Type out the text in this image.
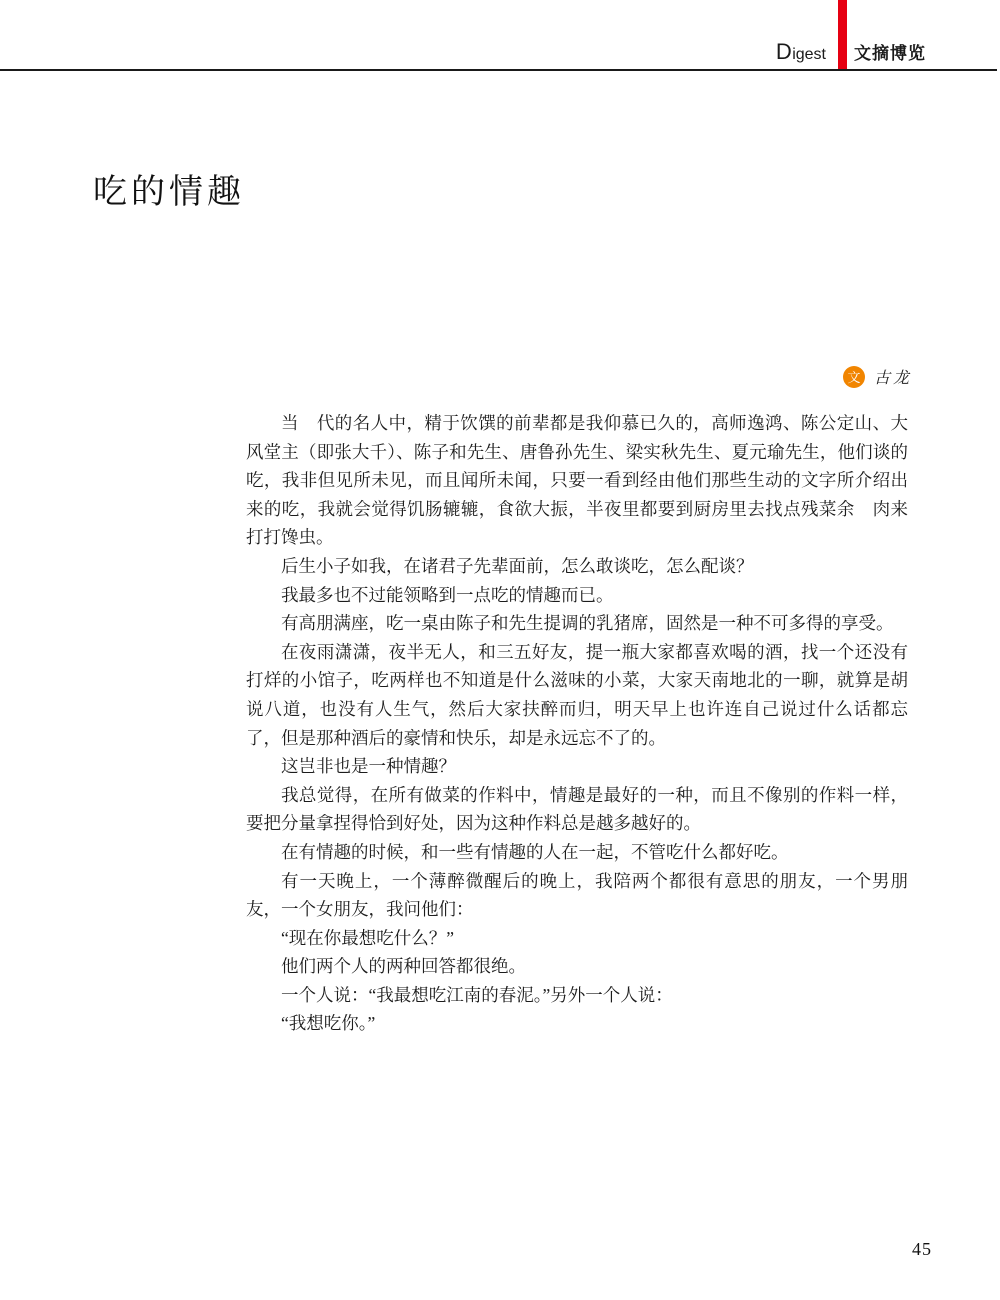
Digest 文摘博览
吃的情趣
文 古龙

当　代的名人中，精于饮馔的前辈都是我仰慕已久的，高师逸鸿、陈公定山、大风堂主（即张大千）、陈子和先生、唐鲁孙先生、梁实秋先生、夏元瑜先生，他们谈的吃，我非但见所未见，而且闻所未闻，只要一看到经由他们那些生动的文字所介绍出来的吃，我就会觉得饥肠辘辘，食欲大振，半夜里都要到厨房里去找点残菜余　肉来打打馋虫。

后生小子如我，在诸君子先辈面前，怎么敢谈吃，怎么配谈？

我最多也不过能领略到一点吃的情趣而已。

有高朋满座，吃一桌由陈子和先生提调的乳猪席，固然是一种不可多得的享受。

在夜雨潇潇，夜半无人，和三五好友，提一瓶大家都喜欢喝的酒，找一个还没有打烊的小馆子，吃两样也不知道是什么滋味的小菜，大家天南地北的一聊，就算是胡说八道，也没有人生气，然后大家扶醉而归，明天早上也许连自己说过什么话都忘了，但是那种酒后的豪情和快乐，却是永远忘不了的。

这岂非也是一种情趣？

我总觉得，在所有做菜的作料中，情趣是最好的一种，而且不像别的作料一样，要把分量拿捏得恰到好处，因为这种作料总是越多越好的。

在有情趣的时候，和一些有情趣的人在一起，不管吃什么都好吃。

有一天晚上，一个薄醉微醒后的晚上，我陪两个都很有意思的朋友，一个男朋友，一个女朋友，我问他们：

“现在你最想吃什么？”

他们两个人的两种回答都很绝。

一个人说：“我最想吃江南的春泥。”另外一个人说：

“我想吃你。”

45
